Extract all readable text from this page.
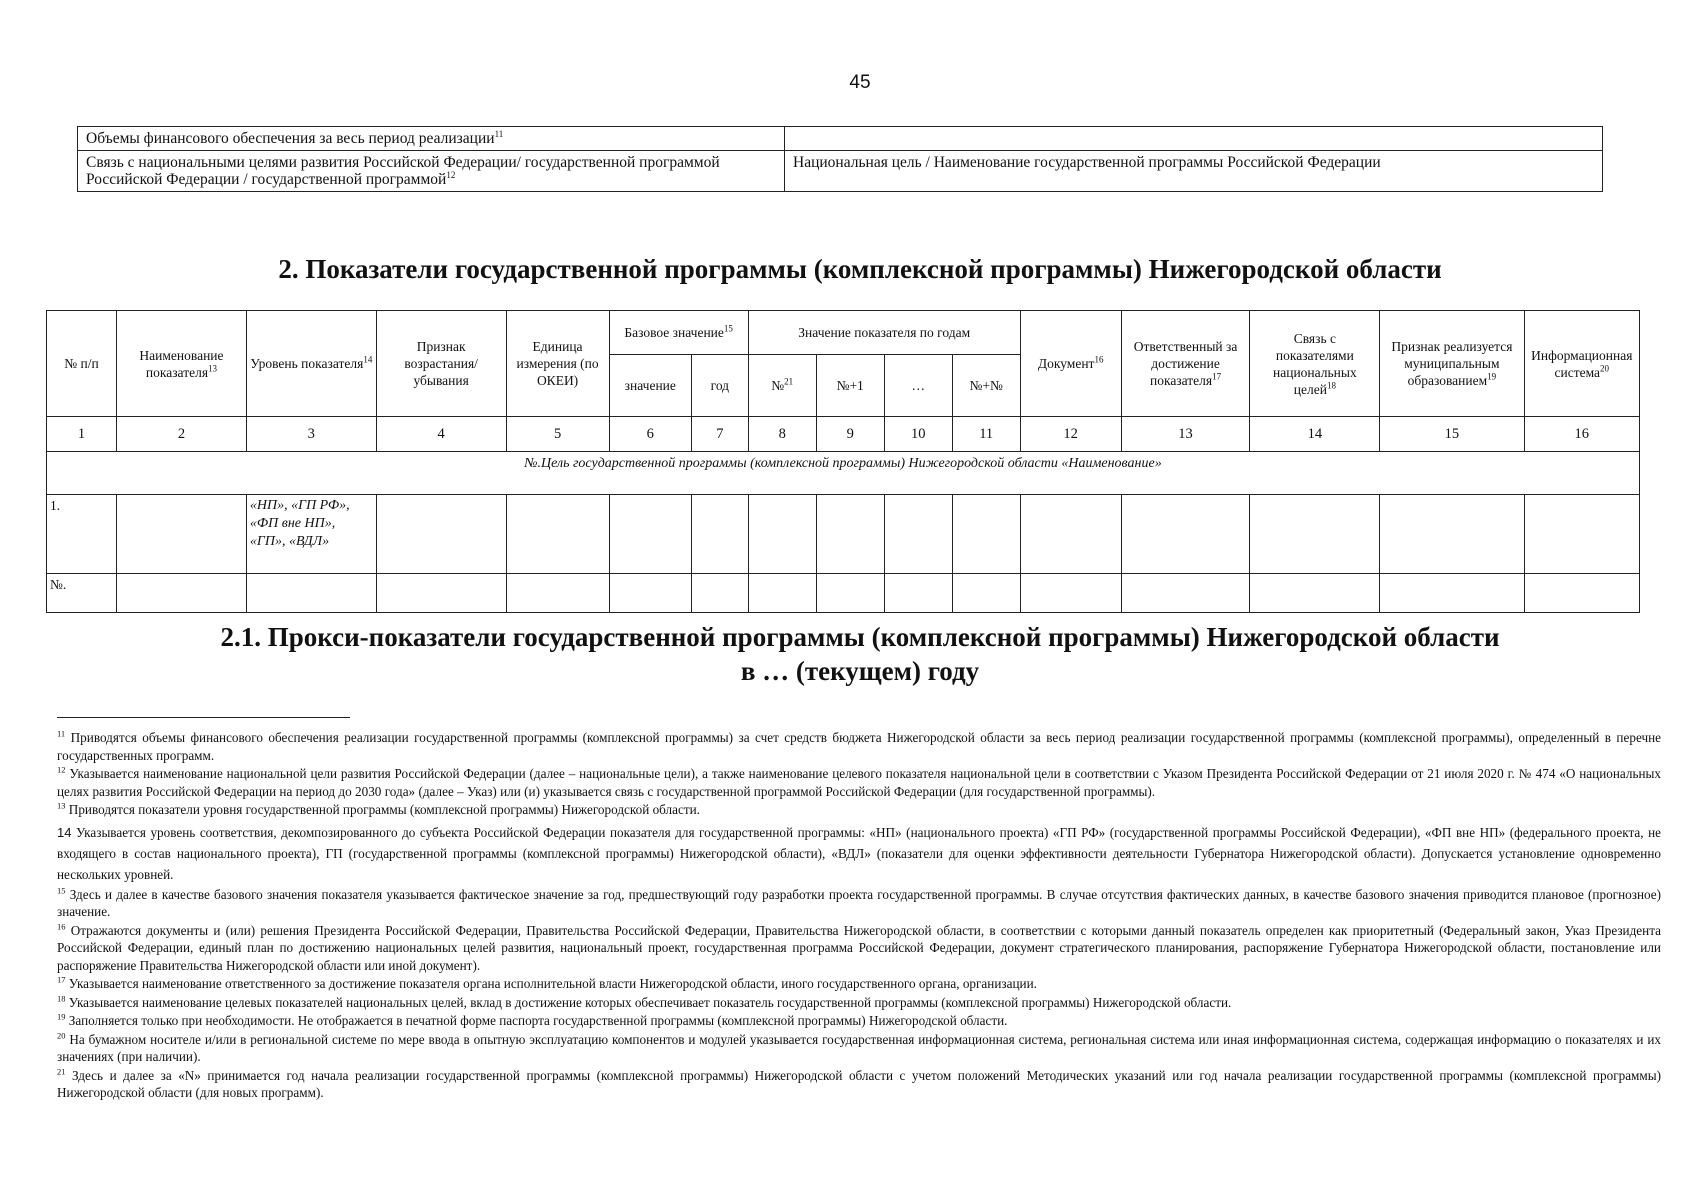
45
Объемы финансового обеспечения за весь период реализации$^{11}$	
Связь с национальными целями развития Российской Федерации/ государственной программой Российской Федерации / государственной программой$^{12}$	Национальная цель / Наименование государственной программы Российской Федерации
2. Показатели государственной программы (комплексной программы) Нижегородской области
№ п/п	Наименование показателя$^{13}$	Уровень показателя$^{14}$	Признак возрастания/ убывания	Единица измерения (по ОКЕИ)	Базовое значение$^{15}$		Значение показателя по годам				Документ$^{16}$	Ответственный за достижение показателя$^{17}$	Связь с показателями национальных целей$^{18}$	Признак реализуется муниципальным образованием$^{19}$	Информационная система$^{20}$
					значение	год	№$^{21}$	№+1	…	№+№					
1	2	3	4	5	6	7	8	9	10	11	12	13	14	15	16
№.Цель государственной программы (комплексной программы) Нижегородской области «Наименование»															
1.		«НП», «ГП РФ», «ФП вне НП», «ГП», «ВДЛ»													
№.															
2.1. Прокси-показатели государственной программы (комплексной программы) Нижегородской области
в … (текущем) году

$^{11}$ Приводятся объемы финансового обеспечения реализации государственной программы (комплексной программы) за счет средств бюджета Нижегородской области за весь период реализации государственной программы (комплексной программы), определенный в перечне государственных программ.

$^{12}$ Указывается наименование национальной цели развития Российской Федерации (далее – национальные цели), а также наименование целевого показателя национальной цели в соответствии с Указом Президента Российской Федерации от 21 июля 2020 г. № 474 «О национальных целях развития Российской Федерации на период до 2030 года» (далее – Указ) или (и) указывается связь с государственной программой Российской Федерации (для государственной программы).

$^{13}$ Приводятся показатели уровня государственной программы (комплексной программы) Нижегородской области.

14 Указывается уровень соответствия, декомпозированного до субъекта Российской Федерации показателя для государственной программы: «НП» (национального проекта) «ГП РФ» (государственной программы Российской Федерации), «ФП вне НП» (федерального проекта, не входящего в состав национального проекта), ГП (государственной программы (комплексной программы) Нижегородской области), «ВДЛ» (показатели для оценки эффективности деятельности Губернатора Нижегородской области). Допускается установление одновременно нескольких уровней.

$^{15}$ Здесь и далее в качестве базового значения показателя указывается фактическое значение за год, предшествующий году разработки проекта государственной программы. В случае отсутствия фактических данных, в качестве базового значения приводится плановое (прогнозное) значение.

$^{16}$ Отражаются документы и (или) решения Президента Российской Федерации, Правительства Российской Федерации, Правительства Нижегородской области, в соответствии с которыми данный показатель определен как приоритетный (Федеральный закон, Указ Президента Российской Федерации, единый план по достижению национальных целей развития, национальный проект, государственная программа Российской Федерации, документ стратегического планирования, распоряжение Губернатора Нижегородской области, постановление или распоряжение Правительства Нижегородской области или иной документ).

$^{17}$ Указывается наименование ответственного за достижение показателя органа исполнительной власти Нижегородской области, иного государственного органа, организации.

$^{18}$ Указывается наименование целевых показателей национальных целей, вклад в достижение которых обеспечивает показатель государственной программы (комплексной программы) Нижегородской области.

$^{19}$ Заполняется только при необходимости. Не отображается в печатной форме паспорта государственной программы (комплексной программы) Нижегородской области.

$^{20}$ На бумажном носителе и/или в региональной системе по мере ввода в опытную эксплуатацию компонентов и модулей указывается государственная информационная система, региональная система или иная информационная система, содержащая информацию о показателях и их значениях (при наличии).

$^{21}$ Здесь и далее за «N» принимается год начала реализации государственной программы (комплексной программы) Нижегородской области с учетом положений Методических указаний или год начала реализации государственной программы (комплексной программы) Нижегородской области (для новых программ).
